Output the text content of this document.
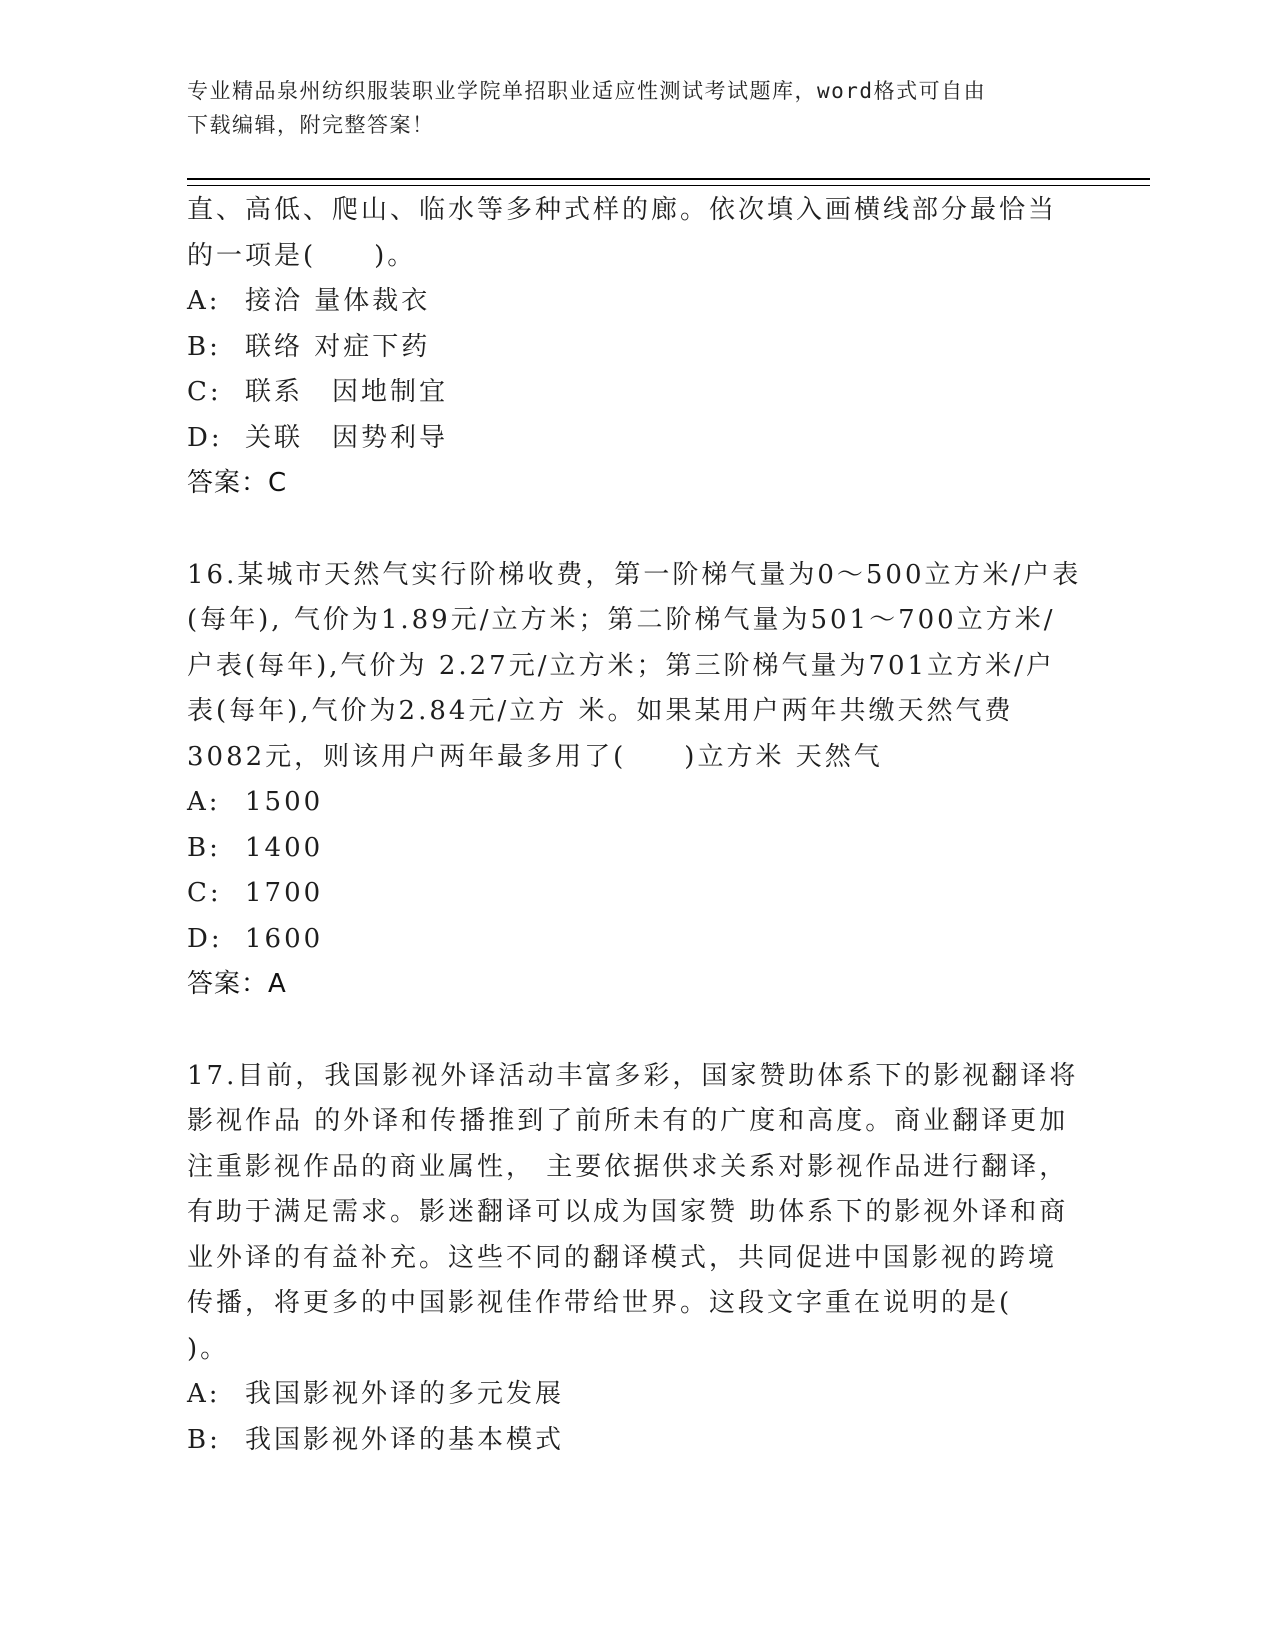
专业精品泉州纺织服装职业学院单招职业适应性测试考试题库，word格式可自由
下载编辑，附完整答案！
直、高低、爬山、临水等多种式样的廊。依次填入画横线部分最恰当
的一项是(　　)。
A: 接洽 量体裁衣
B: 联络 对症下药
C: 联系　因地制宜
D: 关联　因势利导
答案：C
16.某城市天然气实行阶梯收费，第一阶梯气量为0～500立方米/户表
(每年), 气价为1.89元/立方米；第二阶梯气量为501～700立方米/
户表(每年),气价为 2.27元/立方米；第三阶梯气量为701立方米/户
表(每年),气价为2.84元/立方 米。如果某用户两年共缴天然气费
3082元，则该用户两年最多用了(　　)立方米 天然气
A: 1500
B: 1400
C: 1700
D: 1600
答案：A
17.目前，我国影视外译活动丰富多彩，国家赞助体系下的影视翻译将
影视作品 的外译和传播推到了前所未有的广度和高度。商业翻译更加
注重影视作品的商业属性， 主要依据供求关系对影视作品进行翻译，
有助于满足需求。影迷翻译可以成为国家赞 助体系下的影视外译和商
业外译的有益补充。这些不同的翻译模式，共同促进中国影视的跨境
传播，将更多的中国影视佳作带给世界。这段文字重在说明的是(
)。
A: 我国影视外译的多元发展
B: 我国影视外译的基本模式
